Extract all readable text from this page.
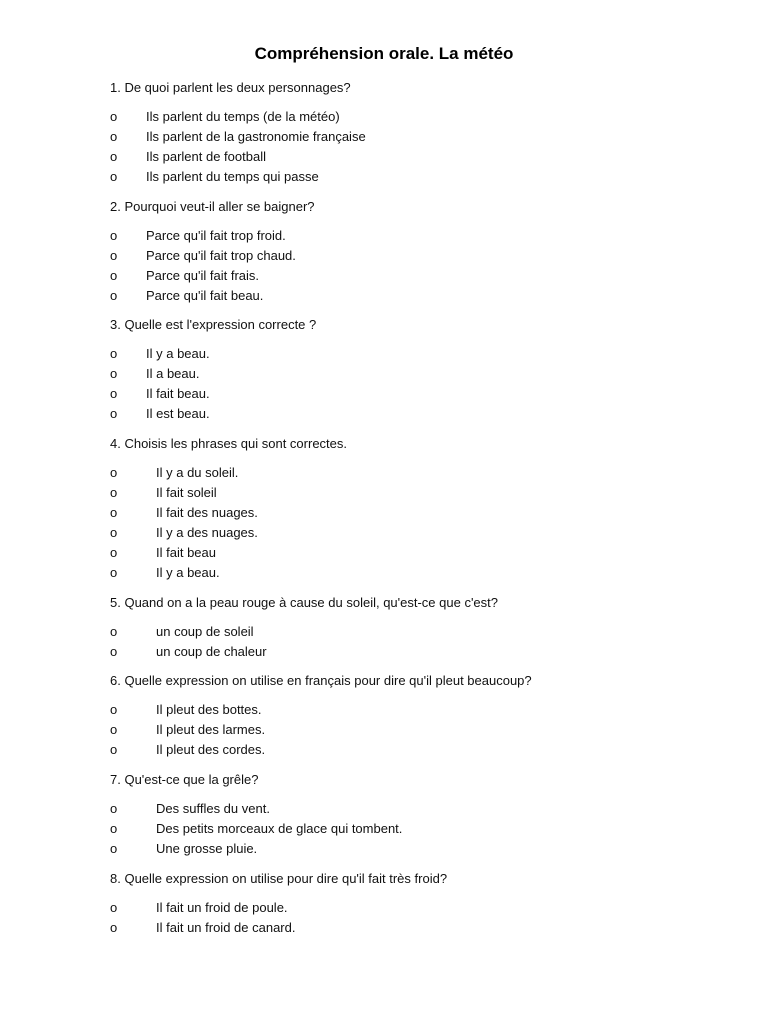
Compréhension orale. La météo
1. De quoi parlent les deux personnages?
o Ils parlent du temps (de la météo)
o Ils parlent de la gastronomie française
o Ils parlent de football
o Ils parlent du temps qui passe
2. Pourquoi veut-il aller se baigner?
o Parce qu'il fait trop froid.
o Parce qu'il fait trop chaud.
o Parce qu'il fait frais.
o Parce qu'il fait beau.
3. Quelle est l'expression correcte ?
o Il y a beau.
o Il a beau.
o Il fait beau.
o Il est beau.
4. Choisis les phrases qui sont correctes.
o	Il y a du soleil.
o	Il fait soleil
o	Il fait des nuages.
o	Il y a des nuages.
o	Il fait beau
o	Il y a beau.
5. Quand on a la peau rouge à cause du soleil, qu'est-ce que c'est?
o	un coup de soleil
o	un coup de chaleur
6. Quelle expression on utilise en français pour dire qu'il pleut beaucoup?
o	Il pleut des bottes.
o	Il pleut des larmes.
o	Il pleut des cordes.
7. Qu'est-ce que la grêle?
o	Des suffles du vent.
o	Des petits morceaux de glace qui tombent.
o	Une grosse pluie.
8. Quelle expression on utilise pour dire qu'il fait très froid?
o	Il fait un froid de poule.
o	Il fait un froid de canard.
